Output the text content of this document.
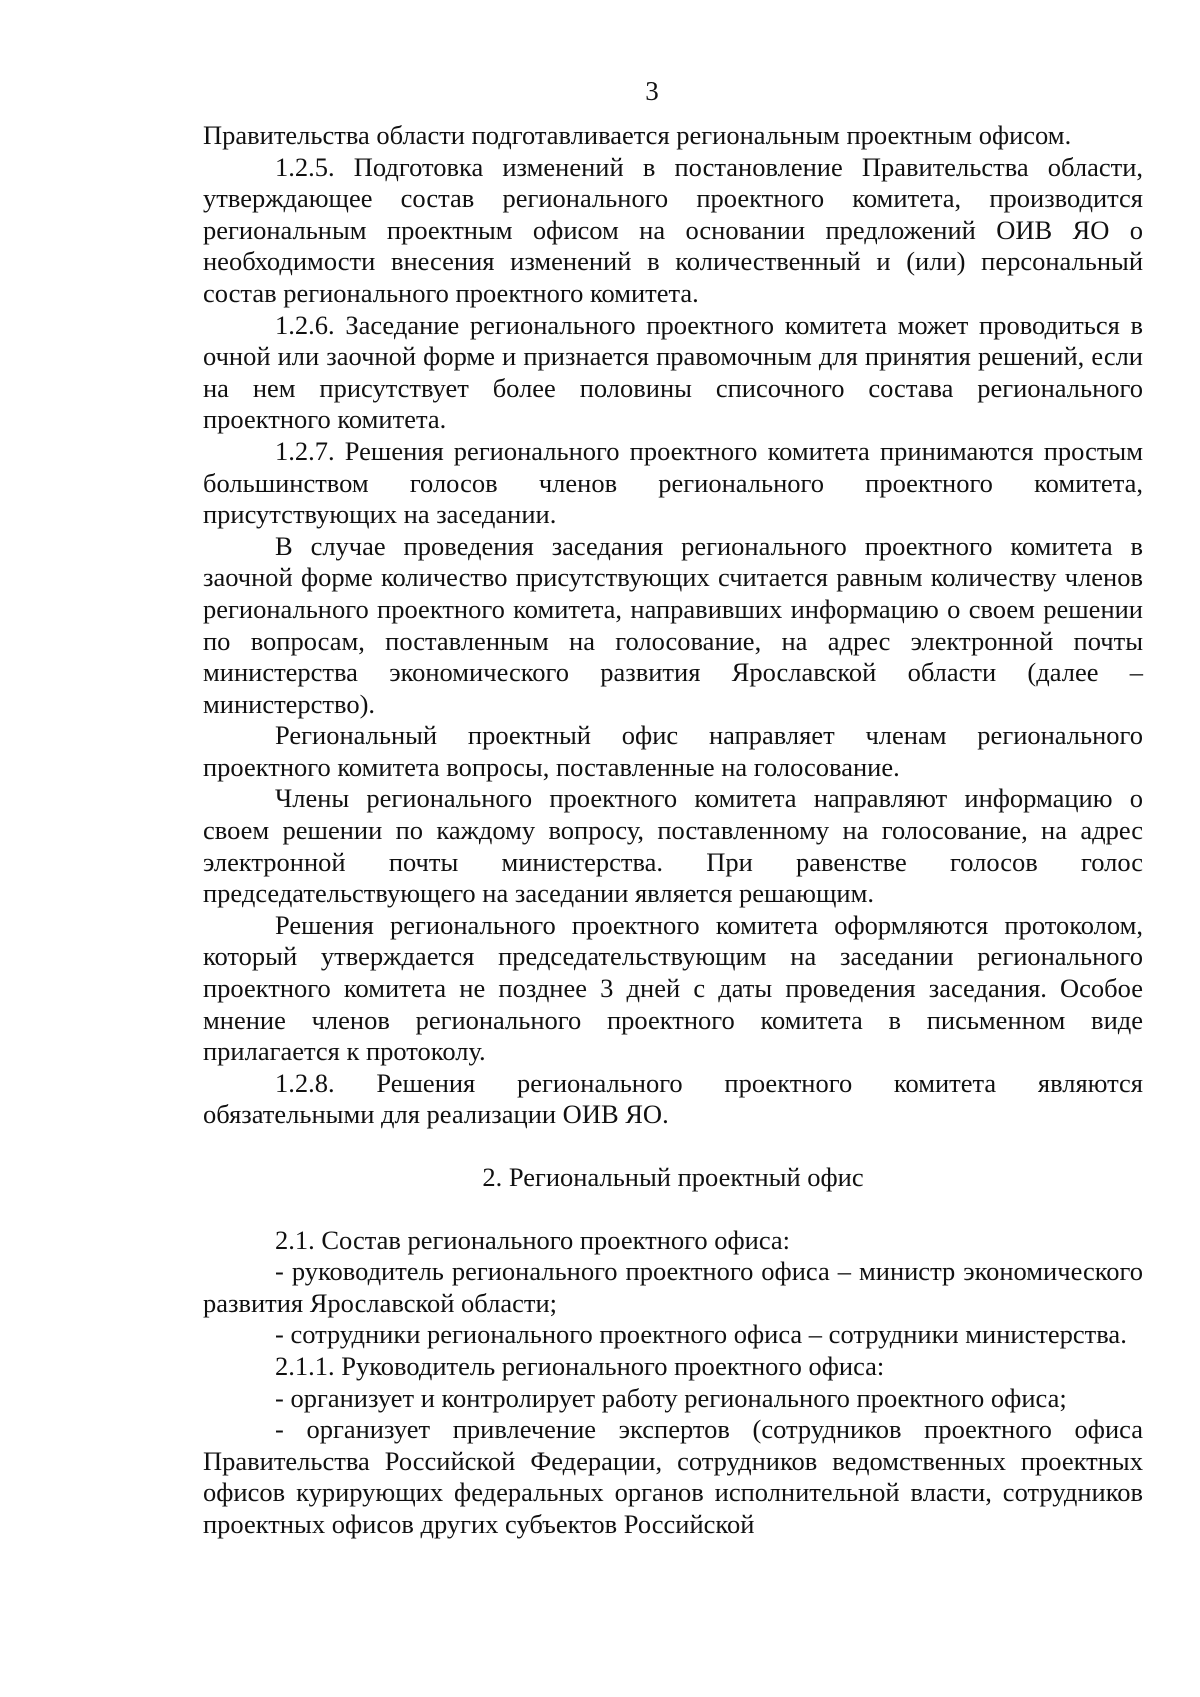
3

Правительства области подготавливается региональным проектным офисом.

1.2.5. Подготовка изменений в постановление Правительства области, утверждающее состав регионального проектного комитета, производится региональным проектным офисом на основании предложений ОИВ ЯО о необходимости внесения изменений в количественный и (или) персональный состав регионального проектного комитета.

1.2.6. Заседание регионального проектного комитета может проводиться в очной или заочной форме и признается правомочным для принятия решений, если на нем присутствует более половины списочного состава регионального проектного комитета.

1.2.7. Решения регионального проектного комитета принимаются простым большинством голосов членов регионального проектного комитета, присутствующих на заседании.

В случае проведения заседания регионального проектного комитета в заочной форме количество присутствующих считается равным количеству членов регионального проектного комитета, направивших информацию о своем решении по вопросам, поставленным на голосование, на адрес электронной почты министерства экономического развития Ярославской области (далее – министерство).

Региональный проектный офис направляет членам регионального проектного комитета вопросы, поставленные на голосование.

Члены регионального проектного комитета направляют информацию о своем решении по каждому вопросу, поставленному на голосование, на адрес электронной почты министерства. При равенстве голосов голос председательствующего на заседании является решающим.

Решения регионального проектного комитета оформляются протоколом, который утверждается председательствующим на заседании регионального проектного комитета не позднее 3 дней с даты проведения заседания. Особое мнение членов регионального проектного комитета в письменном виде прилагается к протоколу.

1.2.8. Решения регионального проектного комитета являются обязательными для реализации ОИВ ЯО.

2. Региональный проектный офис

2.1. Состав регионального проектного офиса:

- руководитель регионального проектного офиса – министр экономического развития Ярославской области;

- сотрудники регионального проектного офиса – сотрудники министерства.

2.1.1. Руководитель регионального проектного офиса:

- организует и контролирует работу регионального проектного офиса;

- организует привлечение экспертов (сотрудников проектного офиса Правительства Российской Федерации, сотрудников ведомственных проектных офисов курирующих федеральных органов исполнительной власти, сотрудников проектных офисов других субъектов Российской
